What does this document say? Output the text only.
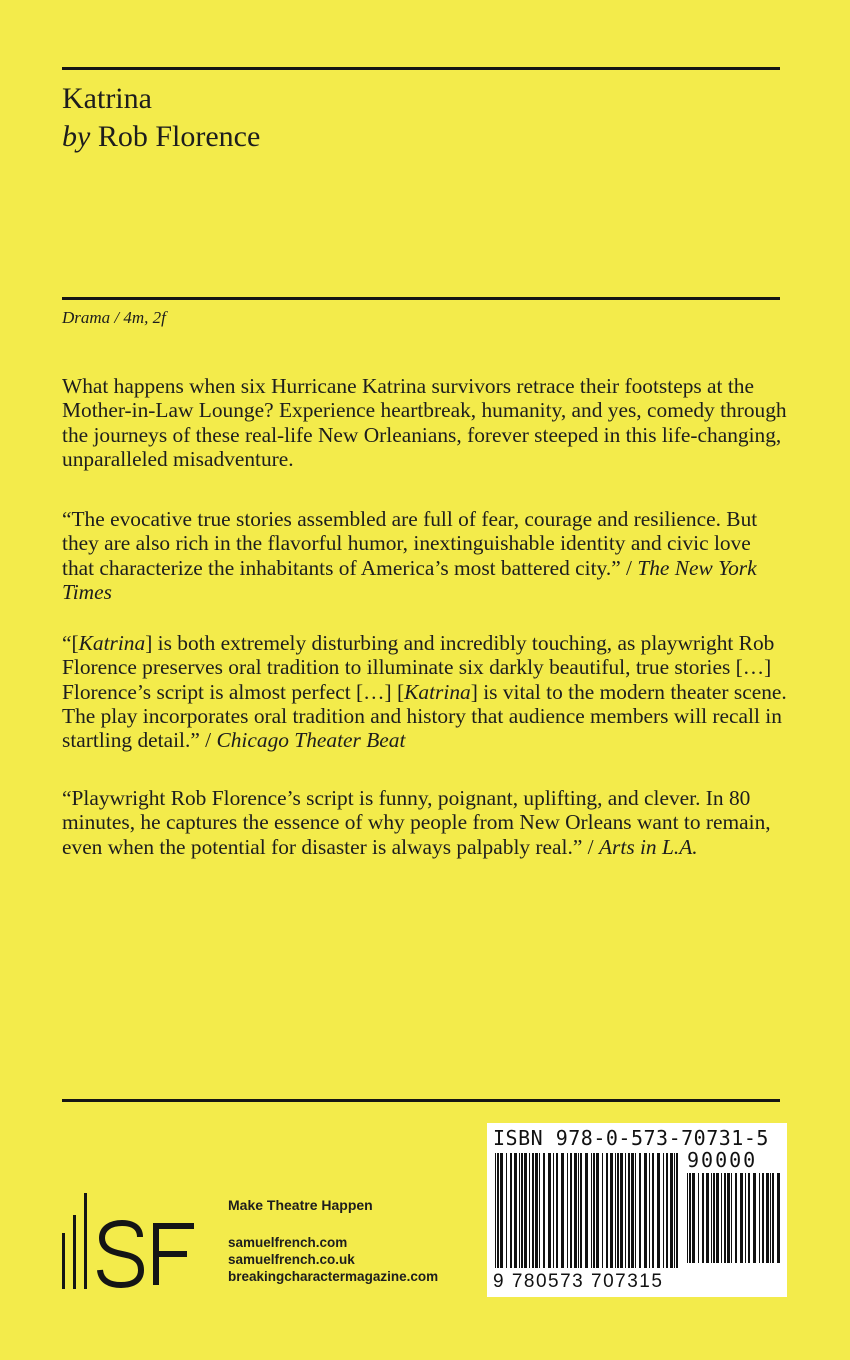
Katrina
by Rob Florence
Drama / 4m, 2f
What happens when six Hurricane Katrina survivors retrace their footsteps at the Mother-in-Law Lounge? Experience heartbreak, humanity, and yes, comedy through the journeys of these real-life New Orleanians, forever steeped in this life-changing, unparalleled misadventure.
“The evocative true stories assembled are full of fear, courage and resilience. But they are also rich in the flavorful humor, inextinguishable identity and civic love that characterize the inhabitants of America’s most battered city.” / The New York Times
“[Katrina] is both extremely disturbing and incredibly touching, as playwright Rob Florence preserves oral tradition to illuminate six darkly beautiful, true stories […] Florence’s script is almost perfect […] [Katrina] is vital to the modern theater scene. The play incorporates oral tradition and history that audience members will recall in startling detail.” / Chicago Theater Beat
“Playwright Rob Florence’s script is funny, poignant, uplifting, and clever. In 80 minutes, he captures the essence of why people from New Orleans want to remain, even when the potential for disaster is always palpably real.” / Arts in L.A.
Make Theatre Happen
samuelfrench.com
samuelfrench.co.uk
breakingcharactermagazine.com
ISBN 978-0-573-70731-5
90000
9 780573 707315
